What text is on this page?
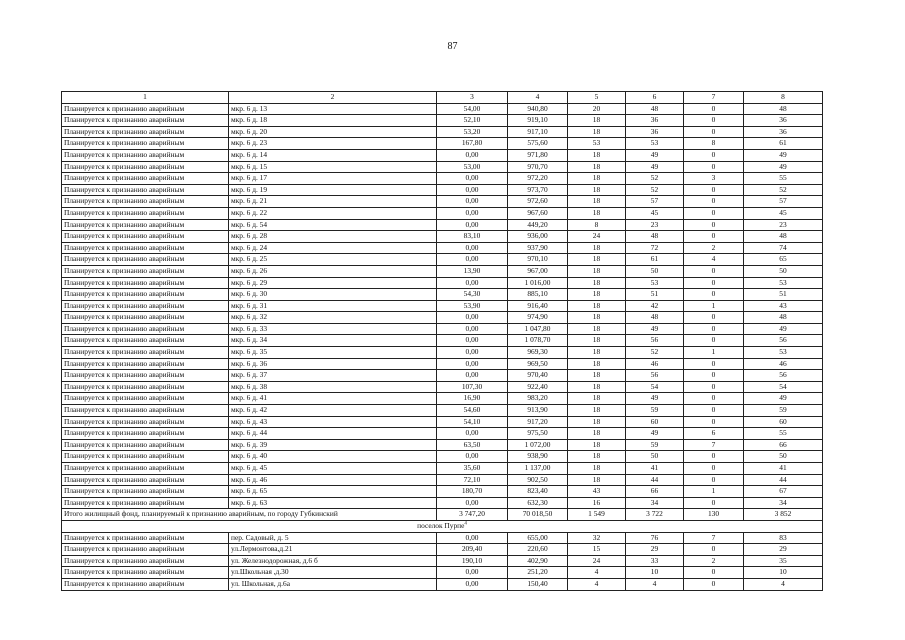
87
1	2	3	4	5	6	7	8
Планируется к признанию аварийным	мкр. 6 д. 13	54,00	940,80	20	48	0	48
Планируется к признанию аварийным	мкр. 6 д. 18	52,10	919,10	18	36	0	36
Планируется к признанию аварийным	мкр. 6 д. 20	53,20	917,10	18	36	0	36
Планируется к признанию аварийным	мкр. 6 д. 23	167,80	575,60	53	53	8	61
Планируется к признанию аварийным	мкр. 6 д. 14	0,00	971,80	18	49	0	49
Планируется к признанию аварийным	мкр. 6 д. 15	53,00	970,70	18	49	0	49
Планируется к признанию аварийным	мкр. 6 д. 17	0,00	972,20	18	52	3	55
Планируется к признанию аварийным	мкр. 6 д. 19	0,00	973,70	18	52	0	52
Планируется к признанию аварийным	мкр. 6 д. 21	0,00	972,60	18	57	0	57
Планируется к признанию аварийным	мкр. 6 д. 22	0,00	967,60	18	45	0	45
Планируется к признанию аварийным	мкр. 6 д. 54	0,00	449,20	8	23	0	23
Планируется к признанию аварийным	мкр. 6 д. 28	83,10	936,00	24	48	0	48
Планируется к признанию аварийным	мкр. 6 д. 24	0,00	937,90	18	72	2	74
Планируется к признанию аварийным	мкр. 6 д. 25	0,00	970,10	18	61	4	65
Планируется к признанию аварийным	мкр. 6 д. 26	13,90	967,00	18	50	0	50
Планируется к признанию аварийным	мкр. 6 д. 29	0,00	1 016,00	18	53	0	53
Планируется к признанию аварийным	мкр. 6 д. 30	54,30	885,10	18	51	0	51
Планируется к признанию аварийным	мкр. 6 д. 31	53,90	916,40	18	42	1	43
Планируется к признанию аварийным	мкр. 6 д. 32	0,00	974,90	18	48	0	48
Планируется к признанию аварийным	мкр. 6 д. 33	0,00	1 047,80	18	49	0	49
Планируется к признанию аварийным	мкр. 6 д. 34	0,00	1 078,70	18	56	0	56
Планируется к признанию аварийным	мкр. 6 д. 35	0,00	969,30	18	52	1	53
Планируется к признанию аварийным	мкр. 6 д. 36	0,00	969,50	18	46	0	46
Планируется к признанию аварийным	мкр. 6 д. 37	0,00	970,40	18	56	0	56
Планируется к признанию аварийным	мкр. 6 д. 38	107,30	922,40	18	54	0	54
Планируется к признанию аварийным	мкр. 6 д. 41	16,90	983,20	18	49	0	49
Планируется к признанию аварийным	мкр. 6 д. 42	54,60	913,90	18	59	0	59
Планируется к признанию аварийным	мкр. 6 д. 43	54,10	917,20	18	60	0	60
Планируется к признанию аварийным	мкр. 6 д. 44	0,00	975,50	18	49	6	55
Планируется к признанию аварийным	мкр. 6 д. 39	63,50	1 072,00	18	59	7	66
Планируется к признанию аварийным	мкр. 6 д. 40	0,00	938,90	18	50	0	50
Планируется к признанию аварийным	мкр. 6 д. 45	35,60	1 137,00	18	41	0	41
Планируется к признанию аварийным	мкр. 6 д. 46	72,10	902,50	18	44	0	44
Планируется к признанию аварийным	мкр. 6 д. 65	180,70	823,40	43	66	1	67
Планируется к признанию аварийным	мкр. 6 д. 63	0,00	632,30	16	34	0	34
Итого жилищный фонд, планируемый к признанию аварийным, по городу Губкинский		3 747,20	70 018,50	1 549	3 722	130	3 852
поселок Пурпе$^4$
Планируется к признанию аварийным	пер. Садовый, д. 5	0,00	655,00	32	76	7	83
Планируется к признанию аварийным	ул.Лермонтова,д.21	209,40	220,60	15	29	0	29
Планируется к признанию аварийным	ул. Железнодорожная, д.6 б	190,10	402,90	24	33	2	35
Планируется к признанию аварийным	ул.Школьная ,д.30	0,00	251,20	4	10	0	10
Планируется к признанию аварийным	ул. Школьная, д.6а	0,00	150,40	4	4	0	4
